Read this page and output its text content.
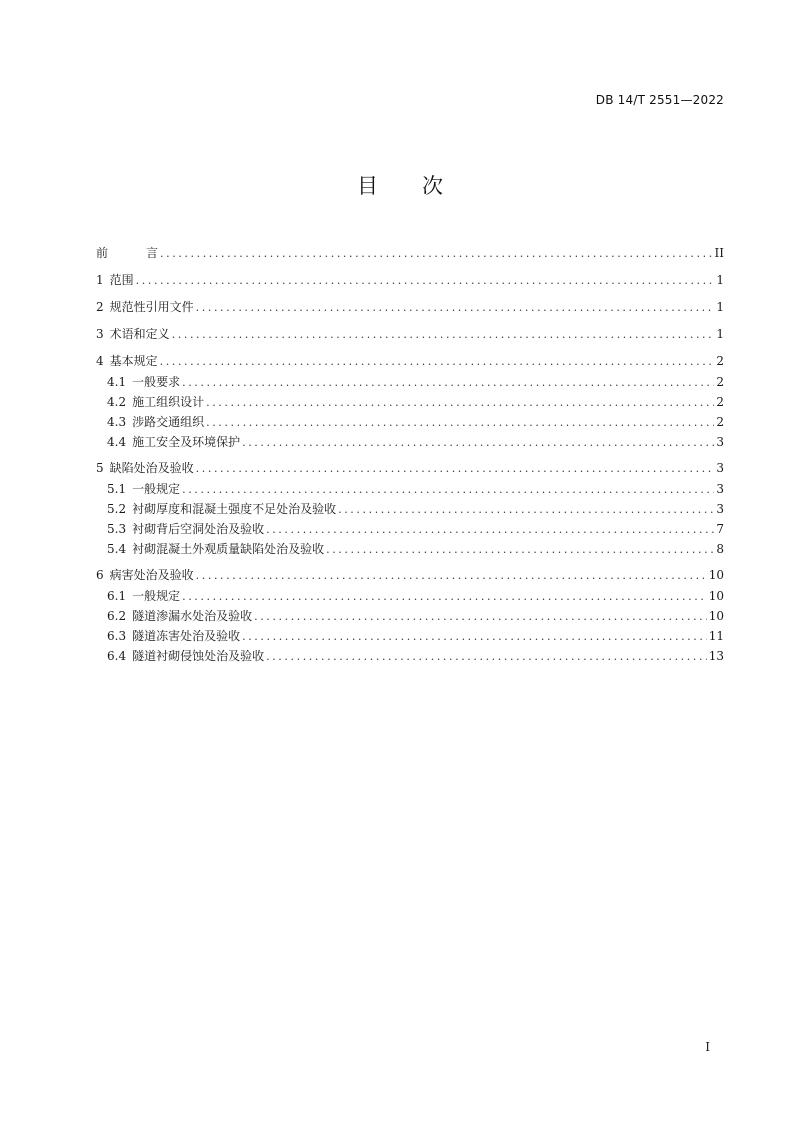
DB 14/T 2551—2022
目 次
前	言 .....	II
1 范围 .....	1
2 规范性引用文件 .....	1
3 术语和定义 .....	1
4 基本规定 .....	2
4.1 一般要求 .....	2
4.2 施工组织设计 .....	2
4.3 涉路交通组织 .....	2
4.4 施工安全及环境保护 .....	3
5 缺陷处治及验收 .....	3
5.1 一般规定 .....	3
5.2 衬砌厚度和混凝土强度不足处治及验收 .....	3
5.3 衬砌背后空洞处治及验收 .....	7
5.4 衬砌混凝土外观质量缺陷处治及验收 .....	8
6 病害处治及验收 .....	10
6.1 一般规定 .....	10
6.2 隧道渗漏水处治及验收 .....	10
6.3 隧道冻害处治及验收 .....	11
6.4 隧道衬砌侵蚀处治及验收 .....	13
I
